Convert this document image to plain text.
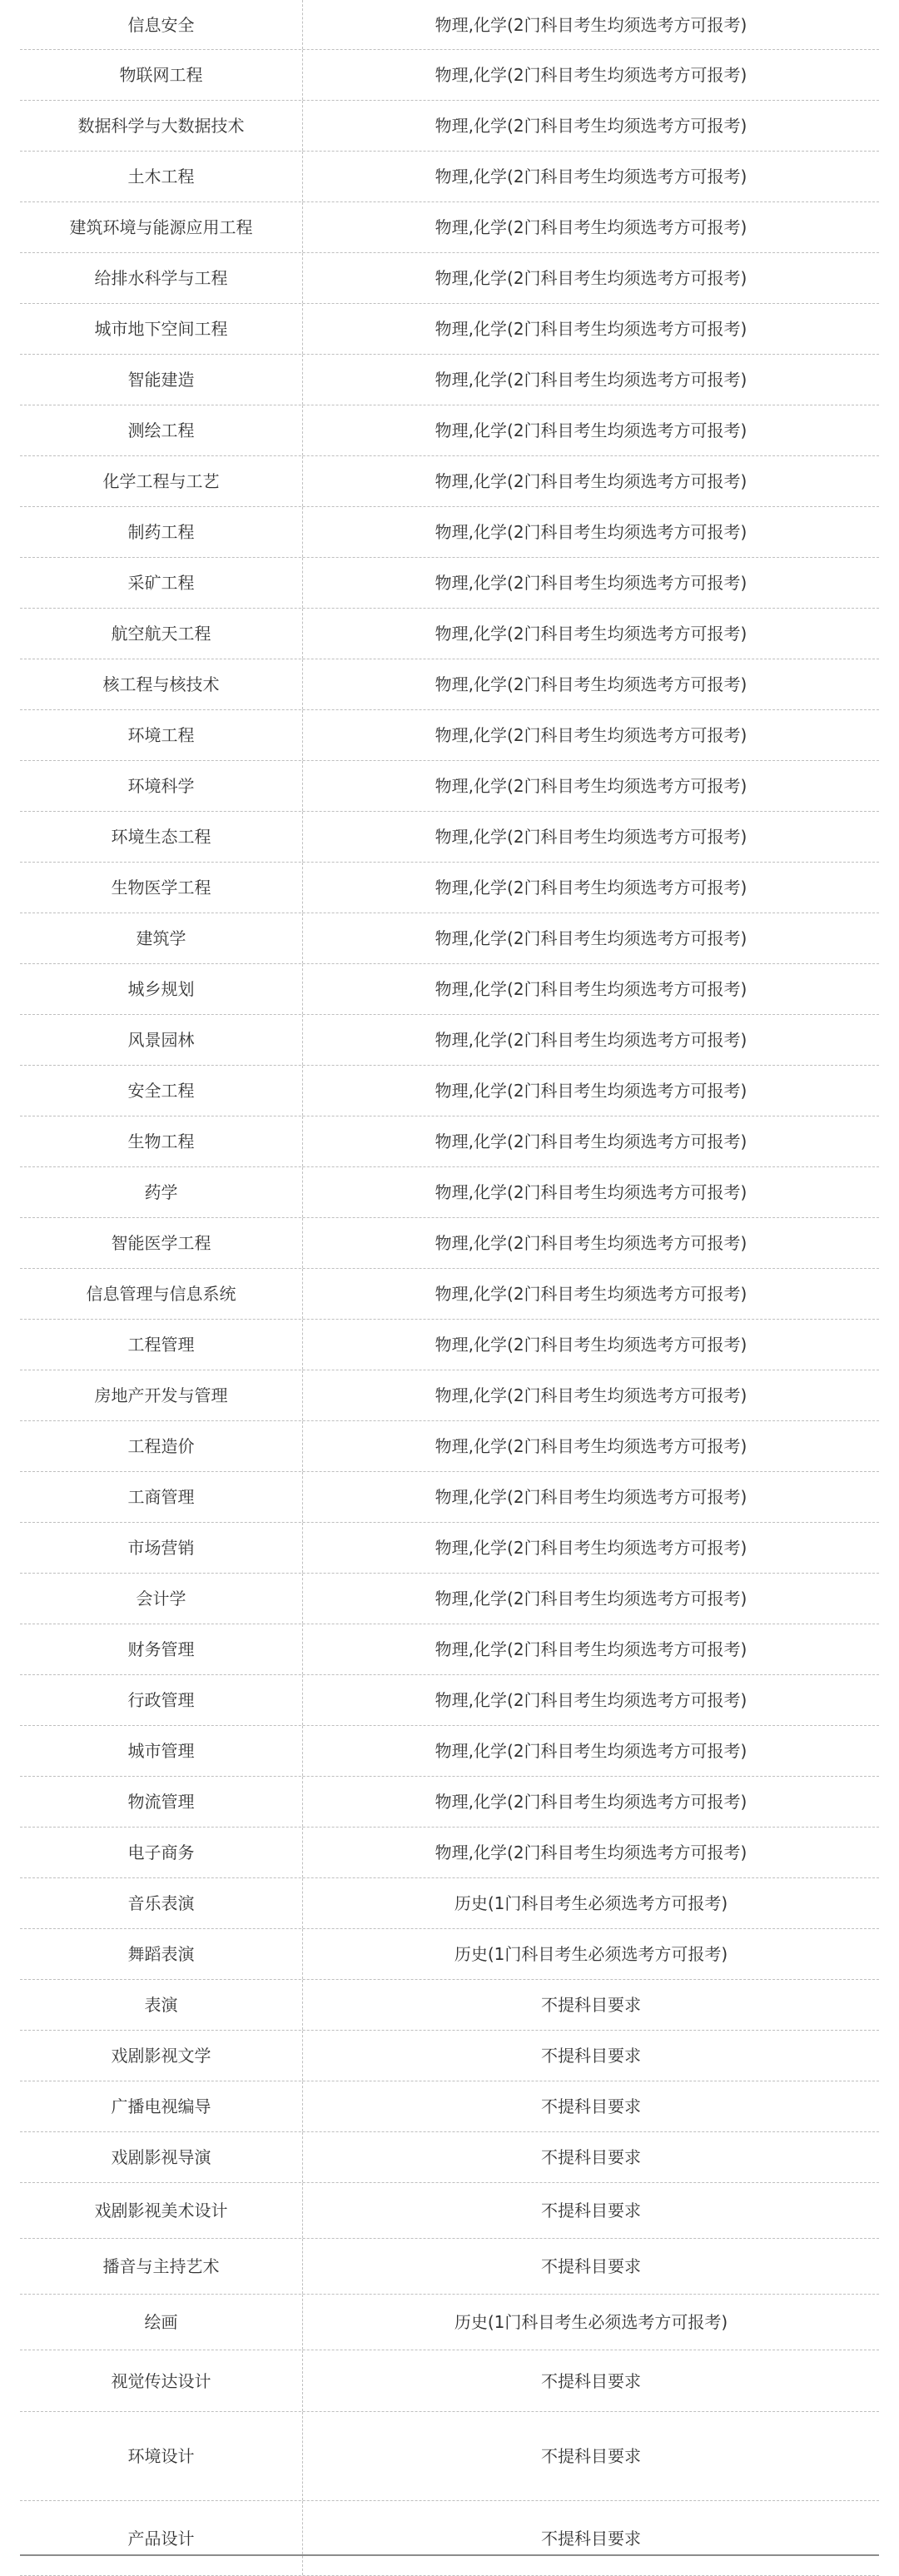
信息安全	物理,化学(2门科目考生均须选考方可报考)
物联网工程	物理,化学(2门科目考生均须选考方可报考)
数据科学与大数据技术	物理,化学(2门科目考生均须选考方可报考)
土木工程	物理,化学(2门科目考生均须选考方可报考)
建筑环境与能源应用工程	物理,化学(2门科目考生均须选考方可报考)
给排水科学与工程	物理,化学(2门科目考生均须选考方可报考)
城市地下空间工程	物理,化学(2门科目考生均须选考方可报考)
智能建造	物理,化学(2门科目考生均须选考方可报考)
测绘工程	物理,化学(2门科目考生均须选考方可报考)
化学工程与工艺	物理,化学(2门科目考生均须选考方可报考)
制药工程	物理,化学(2门科目考生均须选考方可报考)
采矿工程	物理,化学(2门科目考生均须选考方可报考)
航空航天工程	物理,化学(2门科目考生均须选考方可报考)
核工程与核技术	物理,化学(2门科目考生均须选考方可报考)
环境工程	物理,化学(2门科目考生均须选考方可报考)
环境科学	物理,化学(2门科目考生均须选考方可报考)
环境生态工程	物理,化学(2门科目考生均须选考方可报考)
生物医学工程	物理,化学(2门科目考生均须选考方可报考)
建筑学	物理,化学(2门科目考生均须选考方可报考)
城乡规划	物理,化学(2门科目考生均须选考方可报考)
风景园林	物理,化学(2门科目考生均须选考方可报考)
安全工程	物理,化学(2门科目考生均须选考方可报考)
生物工程	物理,化学(2门科目考生均须选考方可报考)
药学	物理,化学(2门科目考生均须选考方可报考)
智能医学工程	物理,化学(2门科目考生均须选考方可报考)
信息管理与信息系统	物理,化学(2门科目考生均须选考方可报考)
工程管理	物理,化学(2门科目考生均须选考方可报考)
房地产开发与管理	物理,化学(2门科目考生均须选考方可报考)
工程造价	物理,化学(2门科目考生均须选考方可报考)
工商管理	物理,化学(2门科目考生均须选考方可报考)
市场营销	物理,化学(2门科目考生均须选考方可报考)
会计学	物理,化学(2门科目考生均须选考方可报考)
财务管理	物理,化学(2门科目考生均须选考方可报考)
行政管理	物理,化学(2门科目考生均须选考方可报考)
城市管理	物理,化学(2门科目考生均须选考方可报考)
物流管理	物理,化学(2门科目考生均须选考方可报考)
电子商务	物理,化学(2门科目考生均须选考方可报考)
音乐表演	历史(1门科目考生必须选考方可报考)
舞蹈表演	历史(1门科目考生必须选考方可报考)
表演	不提科目要求
戏剧影视文学	不提科目要求
广播电视编导	不提科目要求
戏剧影视导演	不提科目要求
戏剧影视美术设计	不提科目要求
播音与主持艺术	不提科目要求
绘画	历史(1门科目考生必须选考方可报考)
视觉传达设计	不提科目要求
环境设计	不提科目要求
产品设计	不提科目要求
